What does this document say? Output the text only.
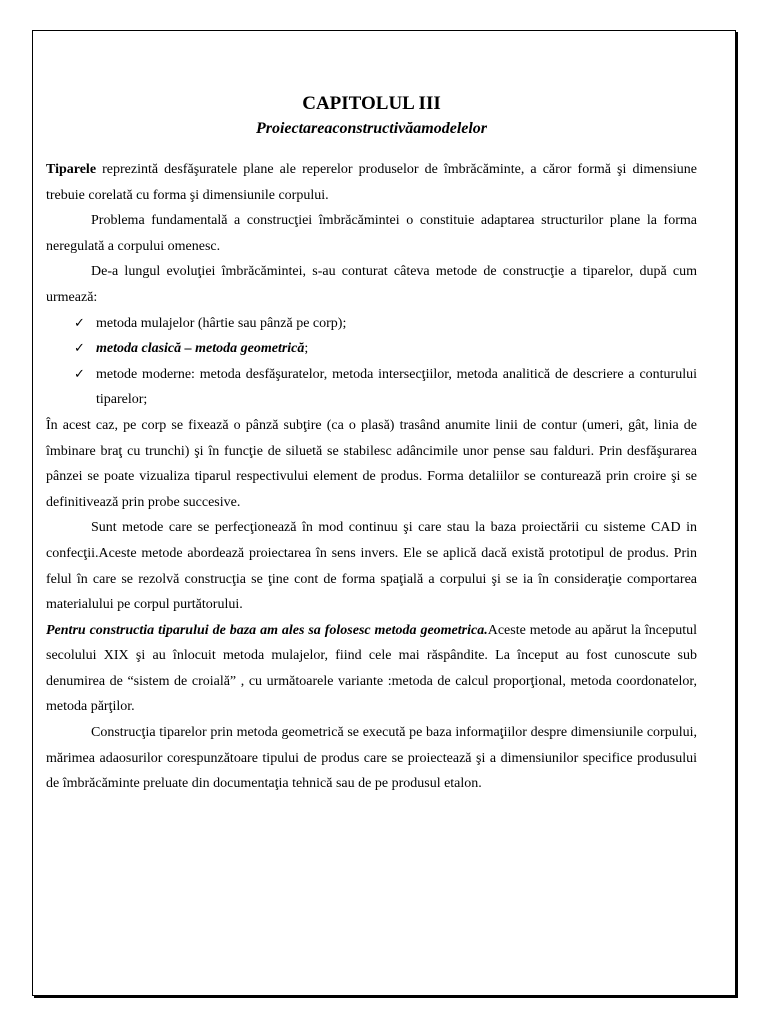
CAPITOLUL III
Proiectareaconstructivăamodelelor

Tiparele reprezintă desfăşuratele plane ale reperelor produselor de îmbrăcăminte, a căror formă şi dimensiune trebuie corelată cu forma şi dimensiunile corpului.

Problema fundamentală a construcţiei îmbrăcămintei o constituie adaptarea structurilor plane la forma neregulată a corpului omenesc.

De-a lungul evoluţiei îmbrăcămintei, s-au conturat câteva metode de construcţie a tiparelor, după cum urmează:

✓ metoda mulajelor (hârtie sau pânză pe corp);
✓ metoda clasică – metoda geometrică;
✓ metode moderne: metoda desfăşuratelor, metoda intersecţiilor, metoda analitică de descriere a conturului tiparelor;

În acest caz, pe corp se fixează o pânză subţire (ca o plasă) trasând anumite linii de contur (umeri, gât, linia de îmbinare braţ cu trunchi) şi în funcţie de siluetă se stabilesc adâncimile unor pense sau falduri. Prin desfăşurarea pânzei se poate vizualiza tiparul respectivului element de produs. Forma detaliilor se conturează prin croire şi se definitivează prin probe succesive.

Sunt metode care se perfecţionează în mod continuu şi care stau la baza proiectării cu sisteme CAD in confecţii.Aceste metode abordează proiectarea în sens invers. Ele se aplică dacă există prototipul de produs. Prin felul în care se rezolvă construcţia se ţine cont de forma spaţială a corpului şi se ia în consideraţie comportarea materialului pe corpul purtătorului.

Pentru constructia tiparului de baza am ales sa folosesc metoda geometrica.Aceste metode au apărut la începutul secolului XIX şi au înlocuit metoda mulajelor, fiind cele mai răspândite. La început au fost cunoscute sub denumirea de “sistem de croială” , cu următoarele variante :metoda de calcul proporţional, metoda coordonatelor, metoda părţilor.

Construcţia tiparelor prin metoda geometrică se execută pe baza informaţiilor despre dimensiunile corpului, mărimea adaosurilor corespunzătoare tipului de produs care se proiectează şi a dimensiunilor specifice produsului de îmbrăcăminte preluate din documentaţia tehnică sau de pe produsul etalon.
